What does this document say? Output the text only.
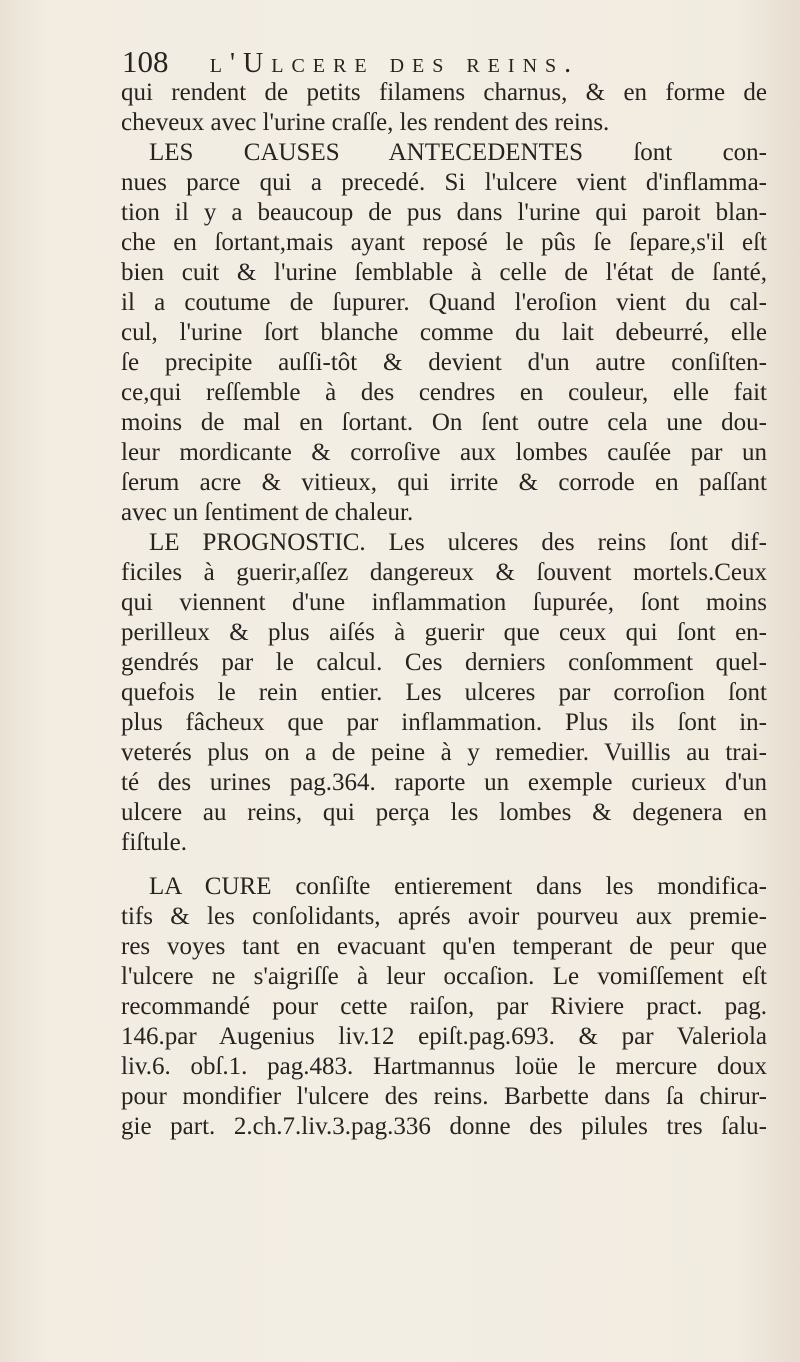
108 l'Ulcere des reins.
qui rendent de petits filamens charnus, & en forme de
cheveux avec l'urine craſſe, les rendent des reins.
LES CAUSES ANTECEDENTES ſont con-
nues parce qui a precedé. Si l'ulcere vient d'inflamma-
tion il y a beaucoup de pus dans l'urine qui paroit blan-
che en ſortant,mais ayant reposé le pûs ſe ſepare,s'il eſt
bien cuit & l'urine ſemblable à celle de l'état de ſanté,
il a coutume de ſupurer. Quand l'eroſion vient du cal-
cul, l'urine ſort blanche comme du lait debeurré, elle
ſe precipite auſſi-tôt & devient d'un autre conſiſten-
ce,qui reſſemble à des cendres en couleur, elle fait
moins de mal en ſortant. On ſent outre cela une dou-
leur mordicante & corroſive aux lombes cauſée par un
ſerum acre & vitieux, qui irrite & corrode en paſſant
avec un ſentiment de chaleur.
LE PROGNOSTIC. Les ulceres des reins ſont dif-
ficiles à guerir,aſſez dangereux & ſouvent mortels.Ceux
qui viennent d'une inflammation ſupurée, ſont moins
perilleux & plus aiſés à guerir que ceux qui ſont en-
gendrés par le calcul. Ces derniers conſomment quel-
quefois le rein entier. Les ulceres par corroſion ſont
plus fâcheux que par inflammation. Plus ils ſont in-
veterés plus on a de peine à y remedier. Vuillis au trai-
té des urines pag.364. raporte un exemple curieux d'un
ulcere au reins, qui perça les lombes & degenera en
fiſtule.
LA CURE conſiſte entierement dans les mondifica-
tifs & les conſolidants, aprés avoir pourveu aux premie-
res voyes tant en evacuant qu'en temperant de peur que
l'ulcere ne s'aigriſſe à leur occaſion. Le vomiſſement eſt
recommandé pour cette raiſon, par Riviere pract. pag.
146.par Augenius liv.12 epiſt.pag.693. & par Valeriola
liv.6. obſ.1. pag.483. Hartmannus loüe le mercure doux
pour mondifier l'ulcere des reins. Barbette dans ſa chirur-
gie part. 2.ch.7.liv.3.pag.336 donne des pilules tres ſalu-
